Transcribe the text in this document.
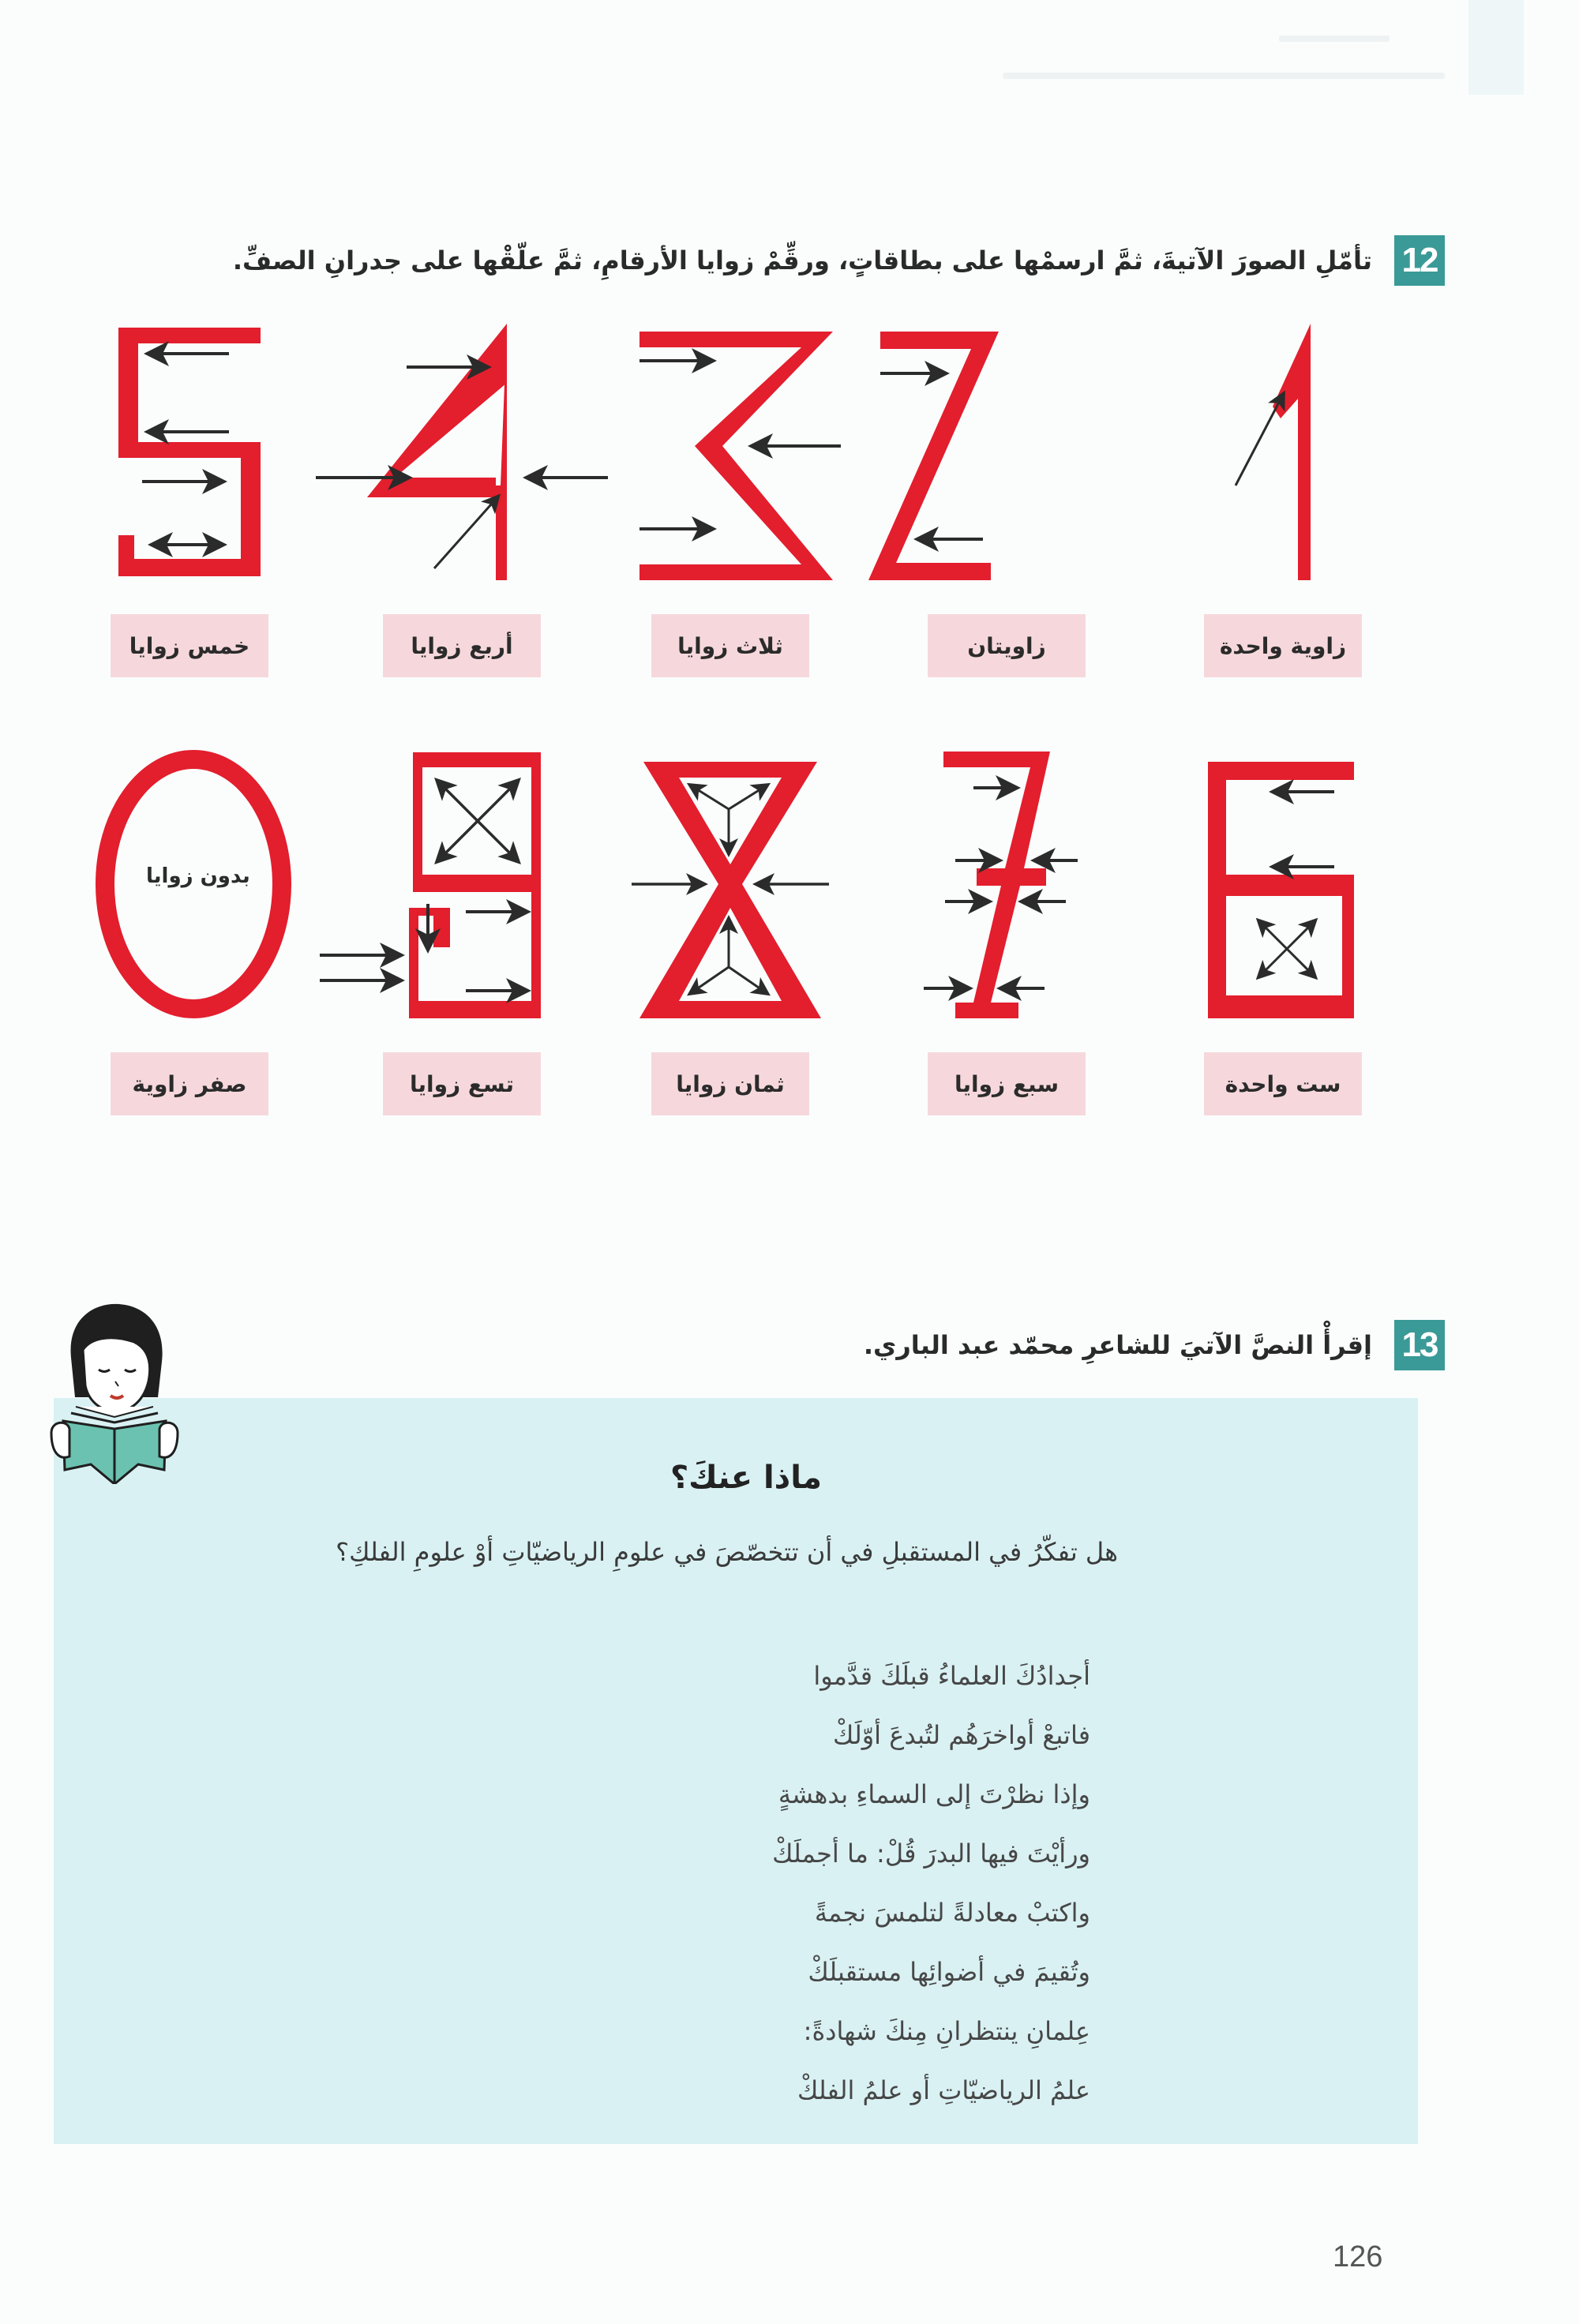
12
تأمّلِ الصورَ الآتيةَ، ثمَّ ارسمْها على بطاقاتٍ، ورقِّمْ زوايا الأرقامِ، ثمَّ علّقْها على جدرانِ الصفِّ.
خمس زوايا	أربع زوايا	ثلاث زوايا	زاويتان	زاوية واحدة
بدون زوايا
صفر زاوية	تسع زوايا	ثمان زوايا	سبع زوايا	ست واحدة
13
إقرأْ النصَّ الآتيَ للشاعرِ محمّد عبد الباري.
ماذا عنكَ؟
هل تفكّرُ في المستقبلِ في أن تتخصّصَ في علومِ الرياضيّاتِ أوْ علومِ الفلكِ؟
أجدادُكَ العلماءُ قبلَكَ قدَّموا
فاتبعْ أواخرَهُم لتُبدعَ أوّلَكْ
وإذا نظرْتَ إلى السماءِ بدهشةٍ
ورأيْتَ فيها البدرَ قُلْ: ما أجملَكْ
واكتبْ معادلةً لتلمسَ نجمةً
وتُقيمَ في أضوائِها مستقبلَكْ
عِلمانِ ينتظرانِ مِنكَ شهادةً:
علمُ الرياضيّاتِ أو علمُ الفلكْ
126
